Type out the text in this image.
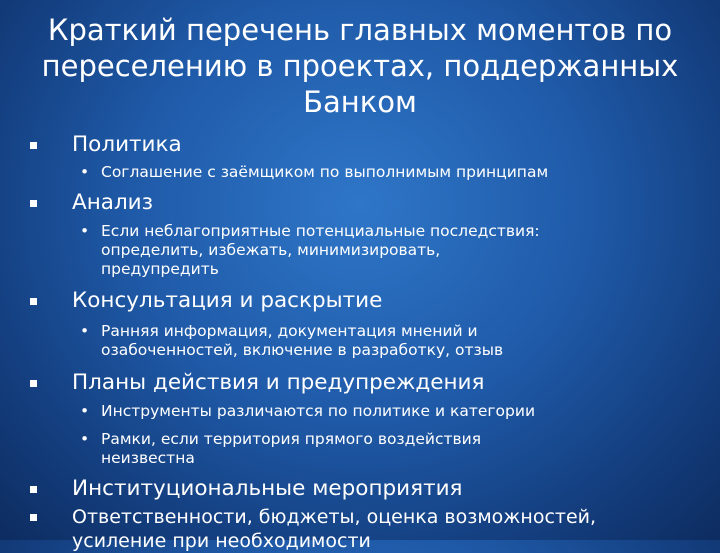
Краткий перечень главных моментов по
переселению в проектах, поддержанных
Банком
Политика
• Соглашение с заёмщиком по выполнимым принципам
Анализ
• Если неблагоприятные потенциальные последствия:
определить, избежать, минимизировать,
предупредить
Консультация и раскрытие
• Ранняя информация, документация мнений и
озабоченностей, включение в разработку, отзыв
Планы действия и предупреждения
• Инструменты различаются по политике и категории
• Рамки, если территория прямого воздействия
неизвестна
Институциональные мероприятия
Ответственности, бюджеты, оценка возможностей,
усиление при необходимости
